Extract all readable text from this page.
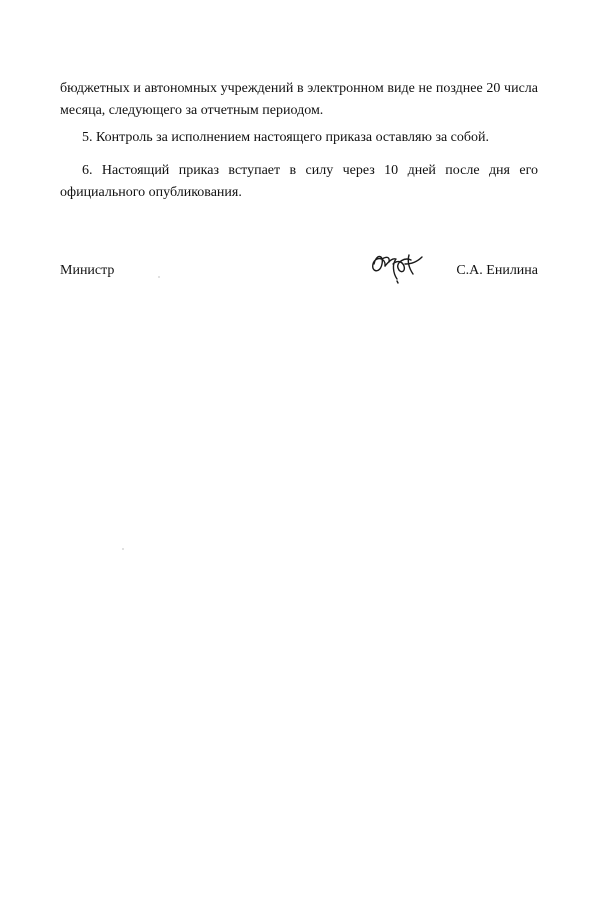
бюджетных и автономных учреждений в электронном виде не позднее 20 числа месяца, следующего за отчетным периодом.
5. Контроль за исполнением настоящего приказа оставляю за собой.
6. Настоящий приказ вступает в силу через 10 дней после дня его официального опубликования.
Министр	С.А. Енилина
